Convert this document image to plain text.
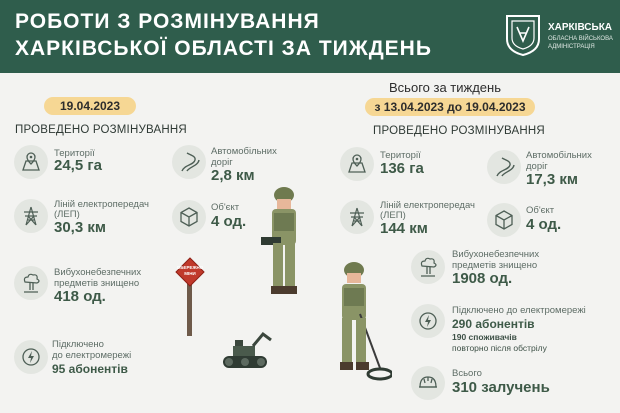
РОБОТИ З РОЗМІНУВАННЯ
ХАРКІВСЬКОЇ ОБЛАСТІ ЗА ТИЖДЕНЬ
ХАРКІВСЬКА
ОБЛАСНА ВІЙСЬКОВА
АДМІНІСТРАЦІЯ
19.04.2023
ПРОВЕДЕНО РОЗМІНУВАННЯ
Території
24,5 га
Автомобільних
доріг
2,8 км
Ліній електропередач
(ЛЕП)
30,3 км
Об'єкт
4 од.
Вибухонебезпечних
предметів знищено
418 од.
Підключено
до електромережі
95 абонентів
ОБЕРЕЖНО
МІНИ
Всього за тиждень
з 13.04.2023 до 19.04.2023
ПРОВЕДЕНО РОЗМІНУВАННЯ
Території
136 га
Автомобільних
доріг
17,3 км
Ліній електропередач
(ЛЕП)
144 км
Об'єкт
4 од.
Вибухонебезпечних
предметів знищено
1908 од.
Підключено до електромережі
290 абонентів
190 споживачів
повторно після обстрілу
Всього
310 залучень
